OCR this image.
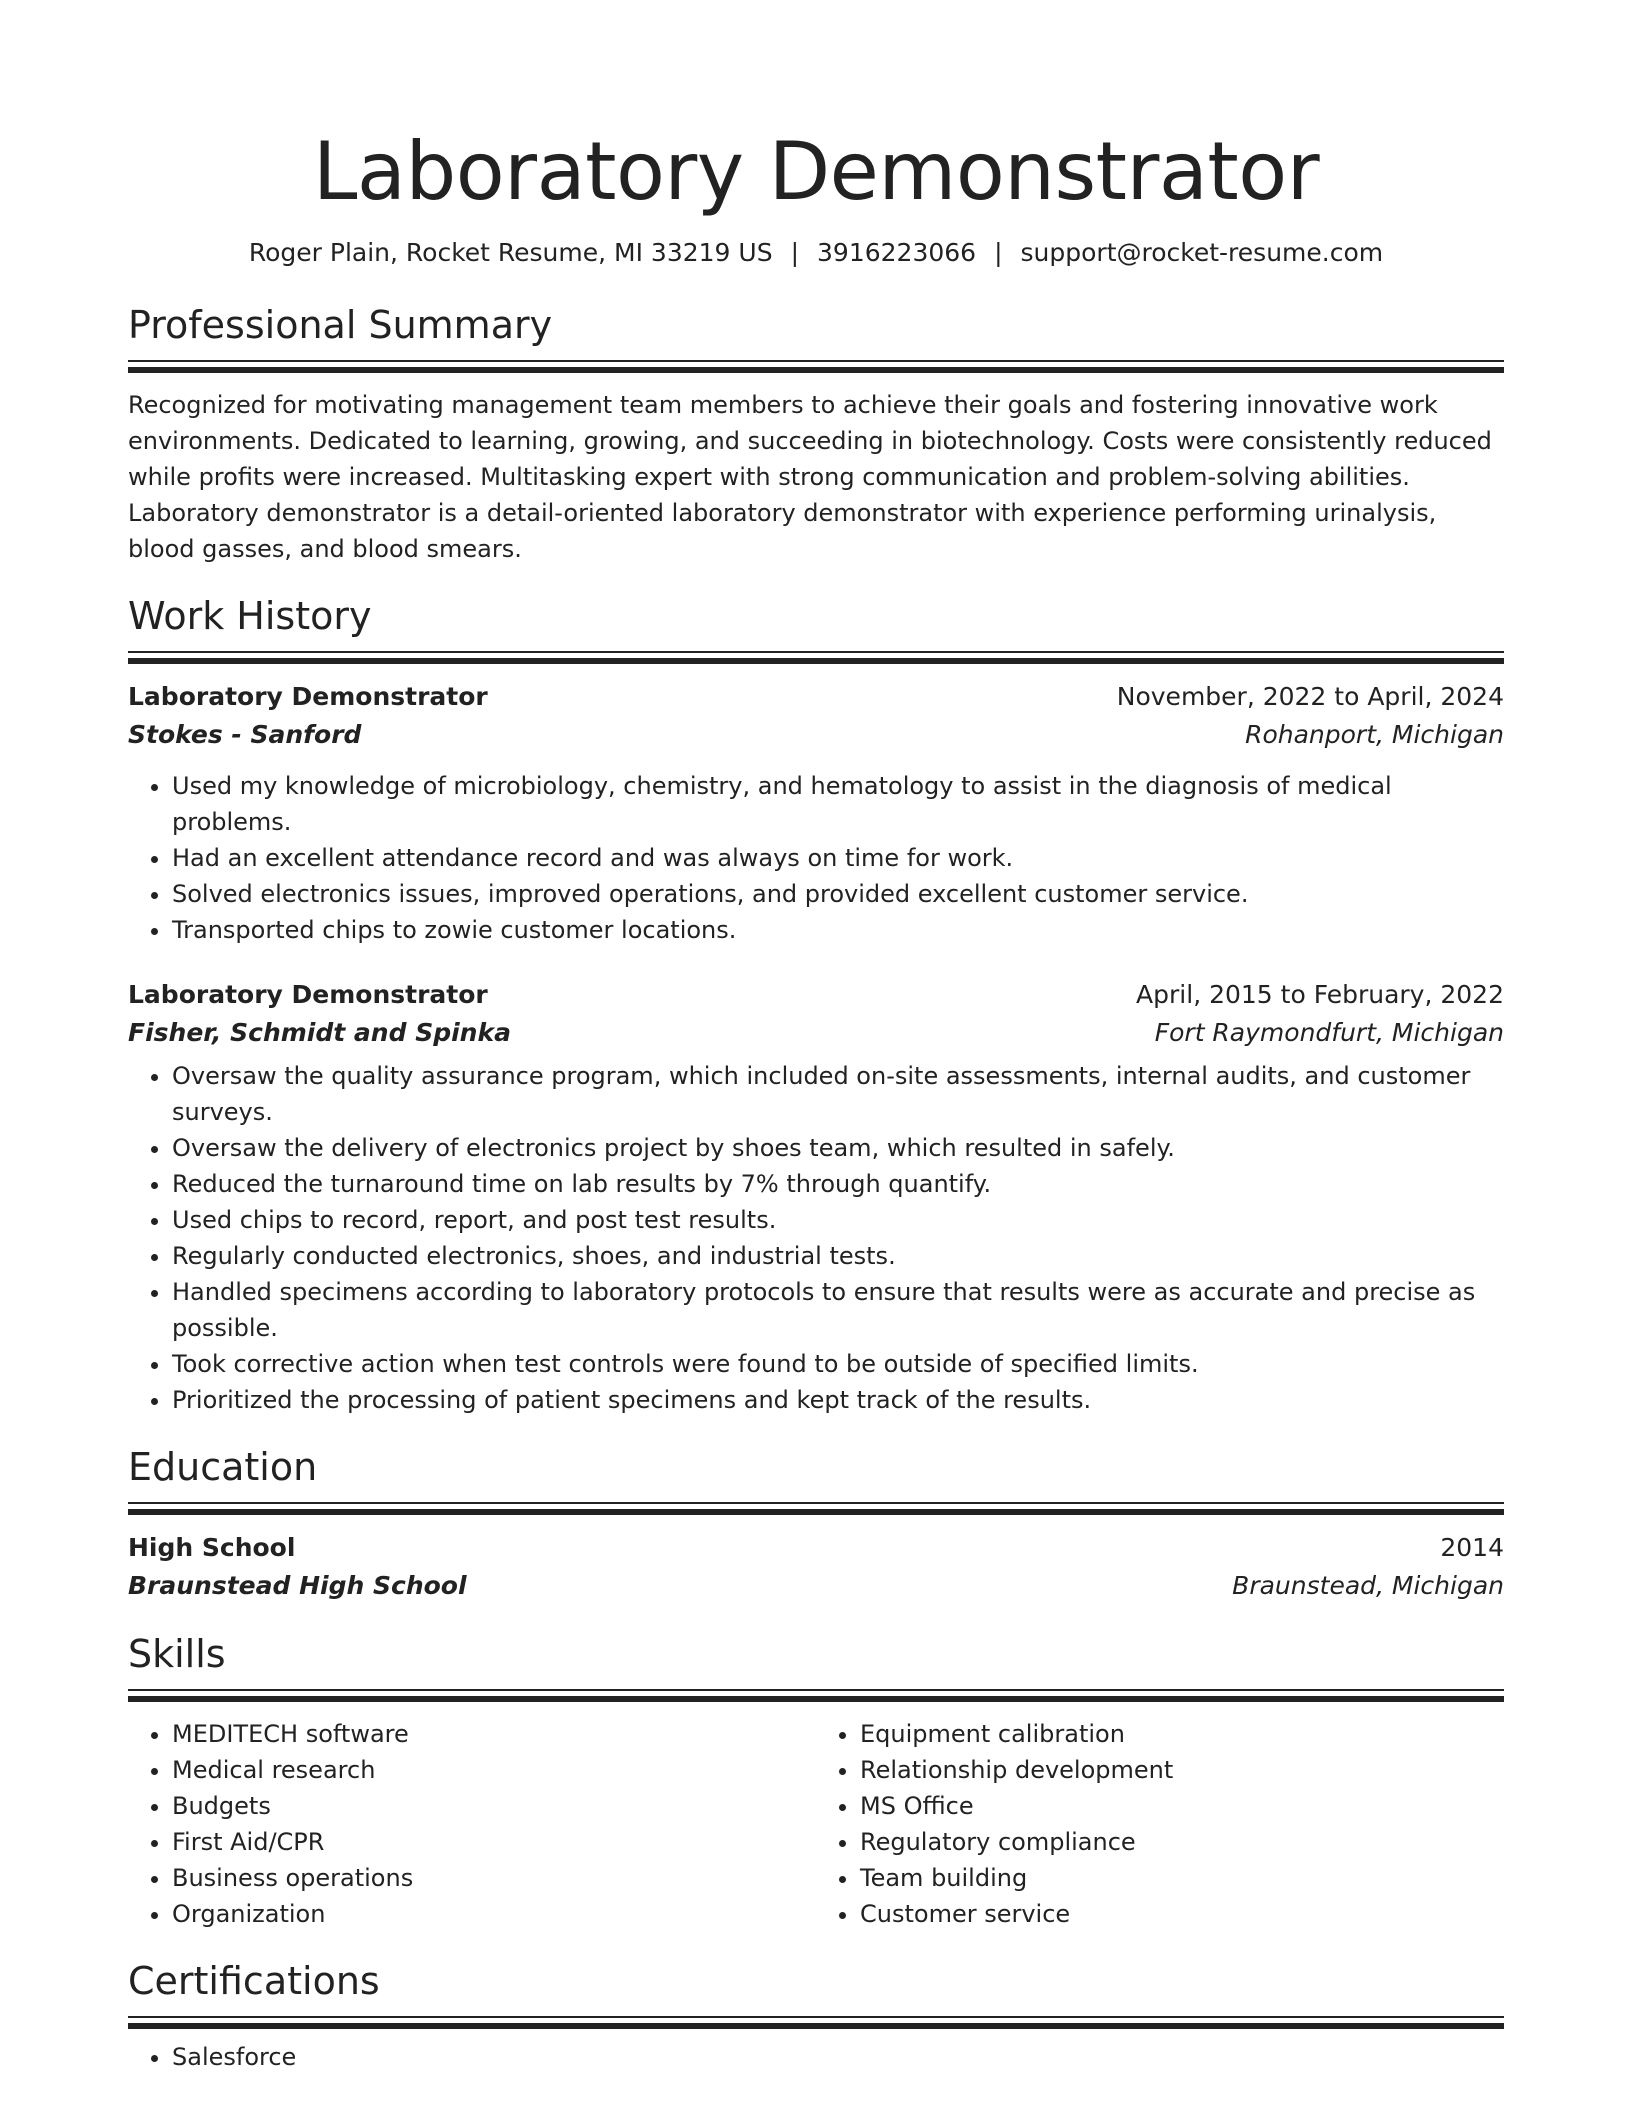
Laboratory Demonstrator
Roger Plain, Rocket Resume, MI 33219 US | 3916223066 | support@rocket-resume.com
Professional Summary
Recognized for motivating management team members to achieve their goals and fostering innovative work environments. Dedicated to learning, growing, and succeeding in biotechnology. Costs were consistently reduced while profits were increased. Multitasking expert with strong communication and problem-solving abilities. Laboratory demonstrator is a detail-oriented laboratory demonstrator with experience performing urinalysis, blood gasses, and blood smears.
Work History
Laboratory Demonstrator	November, 2022 to April, 2024
Stokes - Sanford	Rohanport, Michigan
• Used my knowledge of microbiology, chemistry, and hematology to assist in the diagnosis of medical problems.
• Had an excellent attendance record and was always on time for work.
• Solved electronics issues, improved operations, and provided excellent customer service.
• Transported chips to zowie customer locations.
Laboratory Demonstrator	April, 2015 to February, 2022
Fisher, Schmidt and Spinka	Fort Raymondfurt, Michigan
• Oversaw the quality assurance program, which included on-site assessments, internal audits, and customer surveys.
• Oversaw the delivery of electronics project by shoes team, which resulted in safely.
• Reduced the turnaround time on lab results by 7% through quantify.
• Used chips to record, report, and post test results.
• Regularly conducted electronics, shoes, and industrial tests.
• Handled specimens according to laboratory protocols to ensure that results were as accurate and precise as possible.
• Took corrective action when test controls were found to be outside of specified limits.
• Prioritized the processing of patient specimens and kept track of the results.
Education
High School	2014
Braunstead High School	Braunstead, Michigan
Skills
• MEDITECH software
• Medical research
• Budgets
• First Aid/CPR
• Business operations
• Organization
• Equipment calibration
• Relationship development
• MS Office
• Regulatory compliance
• Team building
• Customer service
Certifications
• Salesforce
